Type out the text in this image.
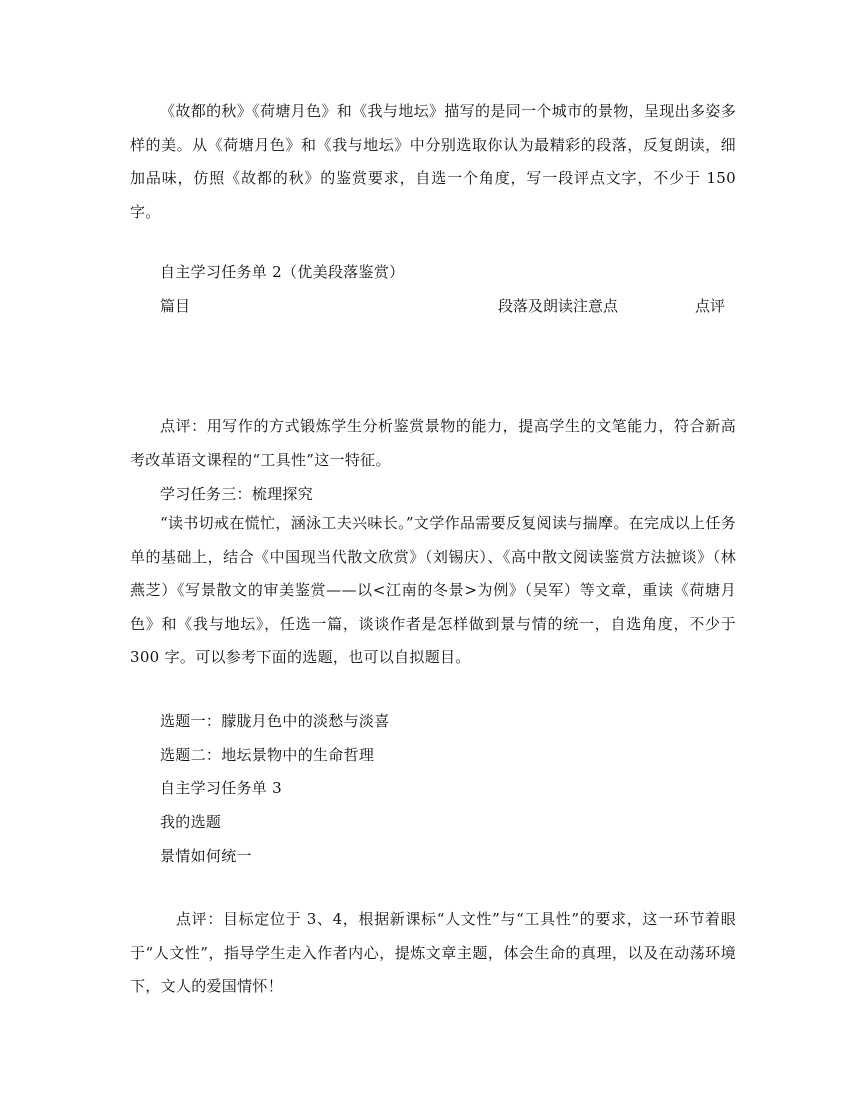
《故都的秋》《荷塘月色》和《我与地坛》描写的是同一个城市的景物，呈现出多姿多样的美。从《荷塘月色》和《我与地坛》中分别选取你认为最精彩的段落，反复朗读，细加品味，仿照《故都的秋》的鉴赏要求，自选一个角度，写一段评点文字，不少于 150 字。

自主学习任务单 2（优美段落鉴赏）

篇目	段落及朗读注意点	点评

点评：用写作的方式锻炼学生分析鉴赏景物的能力，提高学生的文笔能力，符合新高考改革语文课程的“工具性”这一特征。

学习任务三：梳理探究

“读书切戒在慌忙，涵泳工夫兴味长。”文学作品需要反复阅读与揣摩。在完成以上任务单的基础上，结合《中国现当代散文欣赏》（刘锡庆）、《高中散文阅读鉴赏方法摭谈》（林燕芝）《写景散文的审美鉴赏——以<江南的冬景>为例》（吴军）等文章，重读《荷塘月色》和《我与地坛》，任选一篇，谈谈作者是怎样做到景与情的统一，自选角度，不少于 300 字。可以参考下面的选题，也可以自拟题目。

选题一：朦胧月色中的淡愁与淡喜

选题二：地坛景物中的生命哲理

自主学习任务单 3

我的选题

景情如何统一

点评：目标定位于 3、4，根据新课标“人文性”与“工具性”的要求，这一环节着眼于“人文性”，指导学生走入作者内心，提炼文章主题，体会生命的真理，以及在动荡环境下，文人的爱国情怀！
